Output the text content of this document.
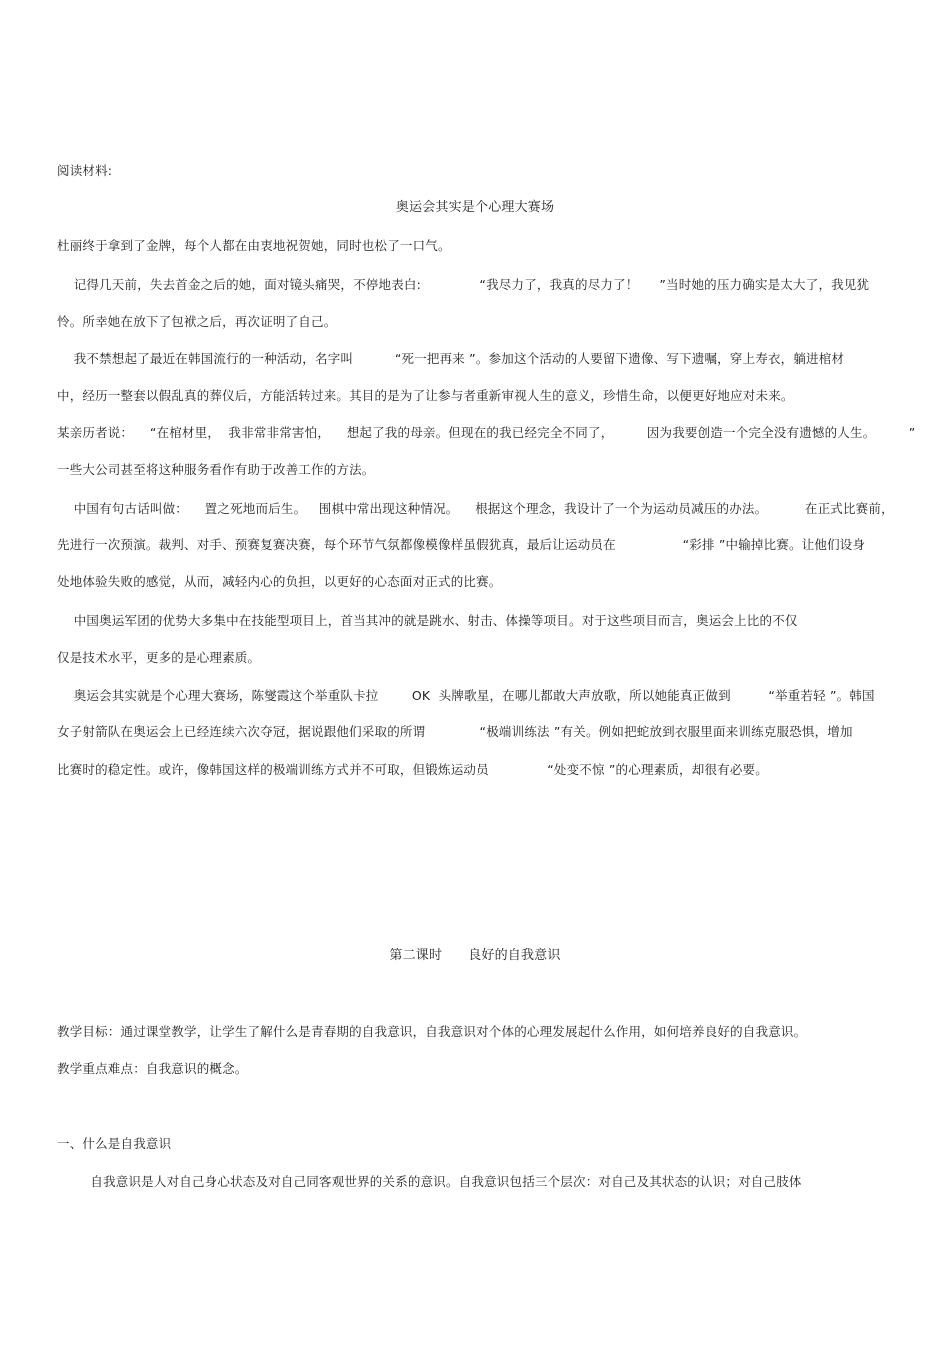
阅读材料:
奥运会其实是个心理大赛场
杜丽终于拿到了金牌，每个人都在由衷地祝贺她，同时也松了一口气。
记得几天前，失去首金之后的她，面对镜头痛哭，不停地表白:              “我尽力了，我真的尽力了！     ”当时她的压力确实是太大了，我见犹
怜。所幸她在放下了包袱之后，再次证明了自己。
我不禁想起了最近在韩国流行的一种活动，名字叫          “死一把再来 ”。参加这个活动的人要留下遗像、写下遗嘱，穿上寿衣，躺进棺材
中，经历一整套以假乱真的葬仪后，方能活转过来。其目的是为了让参与者重新审视人生的意义，珍惜生命，以便更好地应对未来。
某亲历者说：    “在棺材里，  我非常非常害怕，    想起了我的母亲。但现在的我已经完全不同了，        因为我要创造一个完全没有遗憾的人生。        ”
一些大公司甚至将这种服务看作有助于改善工作的方法。
中国有句古话叫做：    置之死地而后生。   围棋中常出现这种情况。    根据这个理念，我设计了一个为运动员减压的办法。         在正式比赛前，
先进行一次预演。裁判、对手、预赛复赛决赛，每个环节气氛都像模像样虽假犹真，最后让运动员在                “彩排 ”中输掉比赛。让他们设身
处地体验失败的感觉，从而，减轻内心的负担，以更好的心态面对正式的比赛。
中国奥运军团的优势大多集中在技能型项目上，首当其冲的就是跳水、射击、体操等项目。对于这些项目而言，奥运会上比的不仅
仅是技术水平，更多的是心理素质。
奥运会其实就是个心理大赛场，陈燮霞这个举重队卡拉        OK  头牌歌星，在哪儿都敢大声放歌，所以她能真正做到         “举重若轻 ”。韩国
女子射箭队在奥运会上已经连续六次夺冠，据说跟他们采取的所谓             “极端训练法 ”有关。例如把蛇放到衣服里面来训练克服恐惧，增加
比赛时的稳定性。或许，像韩国这样的极端训练方式并不可取，但锻炼运动员              “处变不惊 ”的心理素质，却很有必要。
第二课时      良好的自我意识
教学目标：通过课堂教学，让学生了解什么是青春期的自我意识，自我意识对个体的心理发展起什么作用，如何培养良好的自我意识。
教学重点难点：自我意识的概念。
一、什么是自我意识
自我意识是人对自己身心状态及对自己同客观世界的关系的意识。自我意识包括三个层次：对自己及其状态的认识；对自己肢体
